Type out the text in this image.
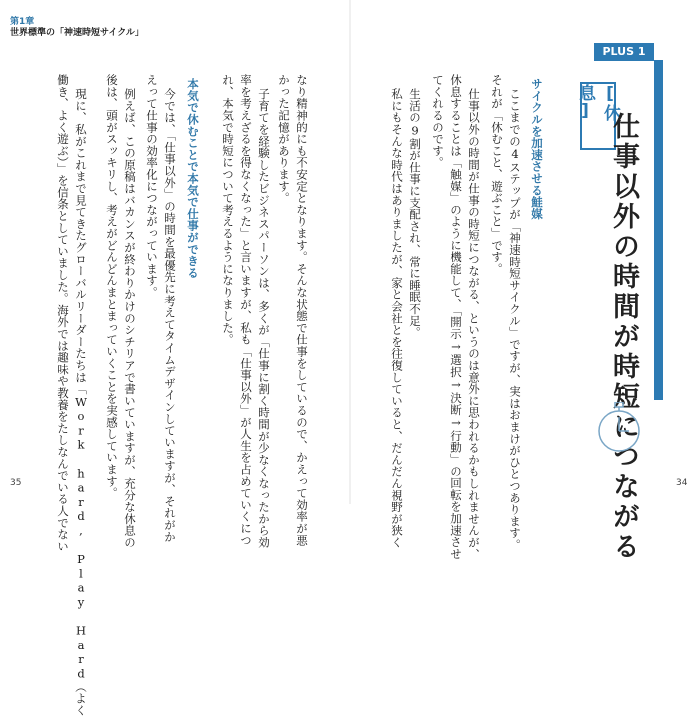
第1章
世界標準の「神速時短サイクル」
サイクルを加速させる鮭媒
ここまでの4ステップが「神速時短サイクル」ですが、実はおまけがひとつあります。
それが「休むこと、遊ぶこと」です。
仕事以外の時間が仕事の時短につながる、というのは意外に思われるかもしれませんが、
休息することは「触媒」のように機能して、「開示→選択→決断→行動」の回転を加速させ
てくれるのです。
生活の9割が仕事に支配され、常に睡眠不足。
私にもそんな時代はありましたが、家と会社とを往復していると、だんだん視野が狭く
なり精神的にも不安定となります。そんな状態で仕事をしているので、かえって効率が悪
かった記憶があります。
子育てを経験したビジネスパーソンは、多くが「仕事に割く時間が少なくなったから効
率を考えざるを得なくなった」と言いますが、私も「仕事以外」が人生を占めていくにつ
れ、本気で時短について考えるようになりました。
本気で休むことで本気で仕事ができる
今では、「仕事以外」の時間を最優先に考えてタイムデザインしていますが、それがか
えって仕事の効率化につながっています。
例えば、この原稿はバカンスが終わりかけのシチリアで書いていますが、充分な休息の
後は、頭がスッキリし、考えがどんどんまとまっていくことを実感しています。
現に、私がこれまで見てきたグローバルリーダーたちは「Work hard, Play Hard（よく
働き、よく遊ぶ）」を信条としていました。海外では趣味や教養をたしなんでいる人でない
PLUS 1
[休息]
仕事以外の時間が時短につながる
35	34
